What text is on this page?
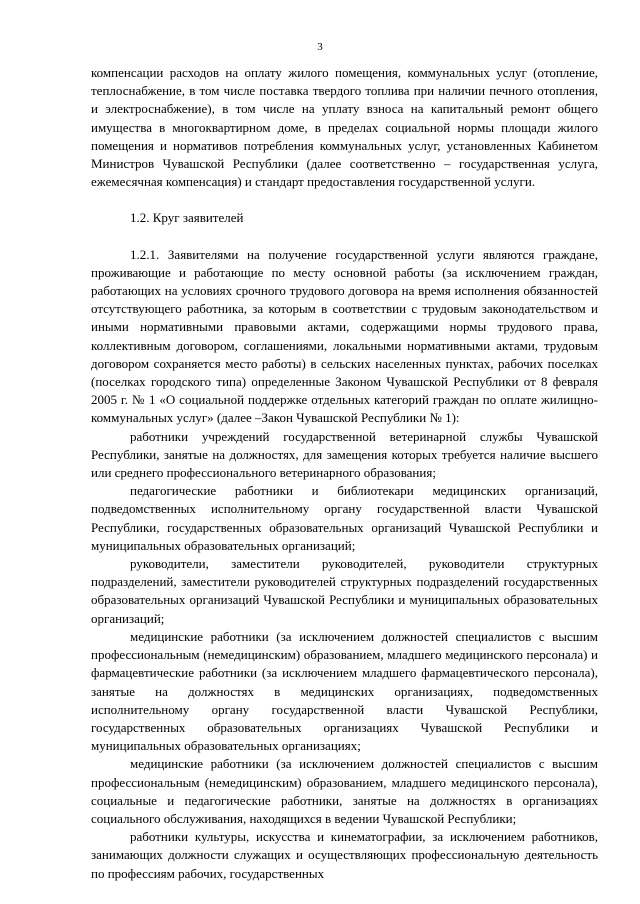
3

компенсации расходов на оплату жилого помещения, коммунальных услуг (отопление, теплоснабжение, в том числе поставка твердого топлива при наличии печного отопления, и электроснабжение), в том числе на уплату взноса на капитальный ремонт общего имущества в многоквартирном доме, в пределах социальной нормы площади жилого помещения и нормативов потребления коммунальных услуг, установленных Кабинетом Министров Чувашской Республики (далее соответственно – государственная услуга, ежемесячная компенсация) и стандарт предоставления государственной услуги.

1.2. Круг заявителей

1.2.1. Заявителями на получение государственной услуги являются граждане, проживающие и работающие по месту основной работы (за исключением граждан, работающих на условиях срочного трудового договора на время исполнения обязанностей отсутствующего работника, за которым в соответствии с трудовым законодательством и иными нормативными правовыми актами, содержащими нормы трудового права, коллективным договором, соглашениями, локальными нормативными актами, трудовым договором сохраняется место работы) в сельских населенных пунктах, рабочих поселках (поселках городского типа) определенные Законом Чувашской Республики от 8 февраля 2005 г. № 1 «О социальной поддержке отдельных категорий граждан по оплате жилищно-коммунальных услуг» (далее –Закон Чувашской Республики № 1):

работники учреждений государственной ветеринарной службы Чувашской Республики, занятые на должностях, для замещения которых требуется наличие высшего или среднего профессионального ветеринарного образования;

педагогические работники и библиотекари медицинских организаций, подведомственных исполнительному органу государственной власти Чувашской Республики, государственных образовательных организаций Чувашской Республики и муниципальных образовательных организаций;

руководители, заместители руководителей, руководители структурных подразделений, заместители руководителей структурных подразделений государственных образовательных организаций Чувашской Республики и муниципальных образовательных организаций;

медицинские работники (за исключением должностей специалистов с высшим профессиональным (немедицинским) образованием, младшего медицинского персонала) и фармацевтические работники (за исключением младшего фармацевтического персонала), занятые на должностях в медицинских организациях, подведомственных исполнительному органу государственной власти Чувашской Республики, государственных образовательных организациях Чувашской Республики и муниципальных образовательных организациях;

медицинские работники (за исключением должностей специалистов с высшим профессиональным (немедицинским) образованием, младшего медицинского персонала), социальные и педагогические работники, занятые на должностях в организациях социального обслуживания, находящихся в ведении Чувашской Республики;

работники культуры, искусства и кинематографии, за исключением работников, занимающих должности служащих и осуществляющих профессиональную деятельность по профессиям рабочих, государственных
